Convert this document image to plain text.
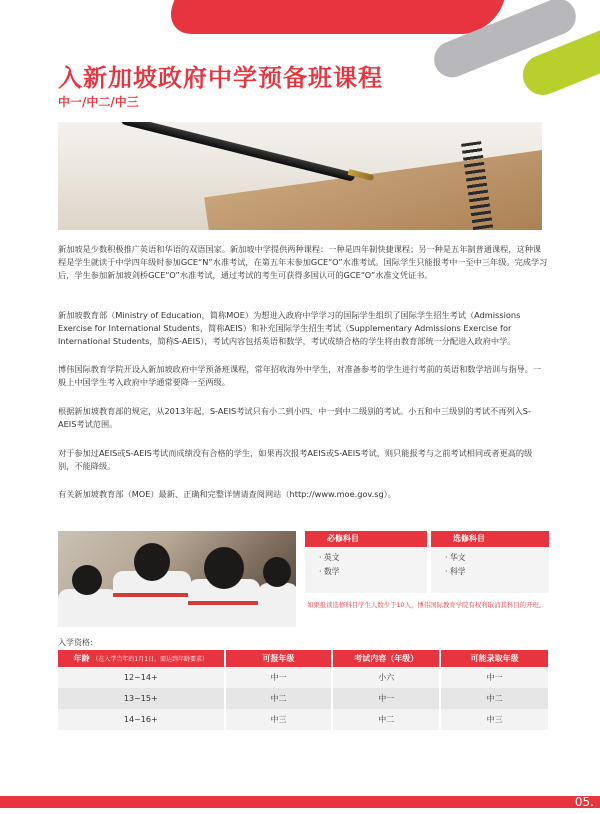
入新加坡政府中学预备班课程
中一/中二/中三

新加坡是少数积极推广英语和华语的双语国家。新加坡中学提供两种课程：一种是四年制快捷课程；另一种是五年制普通课程，这种课程是学生就读于中学四年级时参加GCE“N”水准考试，在第五年末参加GCE“O”水准考试。国际学生只能报考中一至中三年级。完成学习后，学生参加新加坡剑桥GCE“O”水准考试，通过考试的考生可获得多国认可的GCE“O”水准文凭证书。

新加坡教育部（Ministry of Education，简称MOE）为想进入政府中学学习的国际学生组织了国际学生招生考试（Admissions Exercise for International Students，简称AEIS）和补充国际学生招生考试（Supplementary Admissions Exercise for International Students，简称S-AEIS），考试内容包括英语和数学，考试成绩合格的学生将由教育部统一分配进入政府中学。

博伟国际教育学院开设入新加坡政府中学预备班课程，常年招收海外中学生，对准备参考的学生进行考前的英语和数学培训与指导。一般上中国学生考入政府中学通常要降一至两级。

根据新加坡教育部的规定，从2013年起，S-AEIS考试只有小二到小四、中一到中二级别的考试。小五和中三级别的考试不再列入S-AEIS考试范围。

对于参加过AEIS或S-AEIS考试而成绩没有合格的学生，如果再次报考AEIS或S-AEIS考试，则只能报考与之前考试相同或者更高的级别，不能降级。

有关新加坡教育部（MOE）最新、正确和完整详情请查阅网站（http://www.moe.gov.sg）。

必修科目
· 英文
· 数学
选修科目
· 华文
· 科学
如果报读选修科目学生人数少于10人，博伟国际教育学院有权利取消其科目的开班。
入学资格:
年龄 （在入学当年的1月1日，需达到年龄要求）	可报年级	考试内容（年级）	可能录取年级
12~14+	中一	小六	中一
13~15+	中二	中一	中二
14~16+	中三	中二	中三
05.
